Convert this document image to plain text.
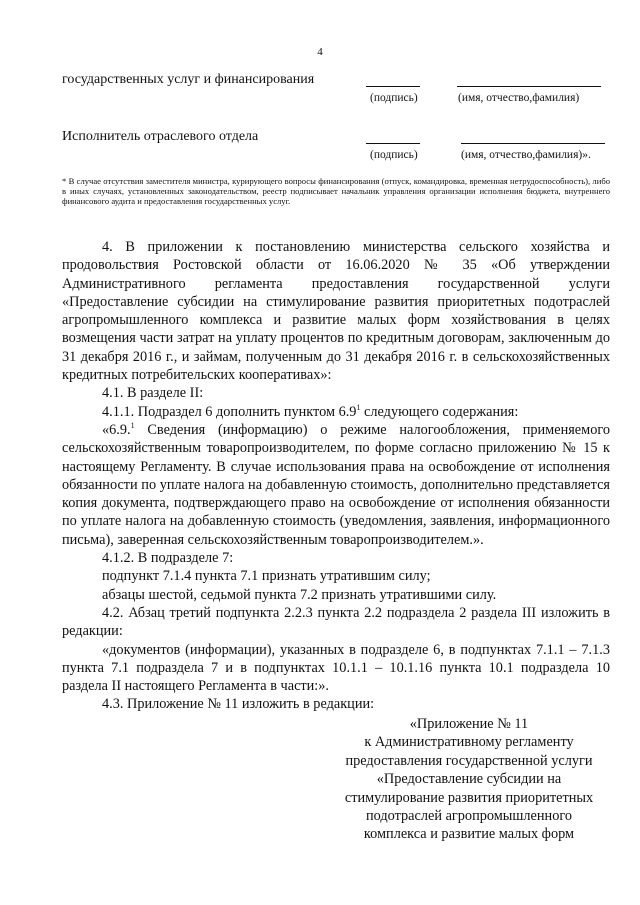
4
государственных услуг и финансирования
(подпись)	(имя, отчество,фамилия)
Исполнитель отраслевого отдела
(подпись)	(имя, отчество,фамилия)».
* В случае отсутствия заместителя министра, курирующего вопросы финансирования (отпуск, командировка, временная нетрудоспособность), либо в иных случаях, установленных законодательством, реестр подписывает начальник управления организации исполнения бюджета, внутреннего финансового аудита и предоставления государственных услуг.

4. В приложении к постановлению министерства сельского хозяйства и продовольствия Ростовской области от 16.06.2020 № 35 «Об утверждении Административного регламента предоставления государственной услуги «Предоставление субсидии на стимулирование развития приоритетных подотраслей агропромышленного комплекса и развитие малых форм хозяйствования в целях возмещения части затрат на уплату процентов по кредитным договорам, заключенным до 31 декабря 2016 г., и займам, полученным до 31 декабря 2016 г. в сельскохозяйственных кредитных потребительских кооперативах»:

4.1. В разделе II:

4.1.1. Подраздел 6 дополнить пунктом $6.9^1$ следующего содержания:

«6.9.$^1$ Сведения (информацию) о режиме налогообложения, применяемого сельскохозяйственным товаропроизводителем, по форме согласно приложению № 15 к настоящему Регламенту. В случае использования права на освобождение от исполнения обязанности по уплате налога на добавленную стоимость, дополнительно представляется копия документа, подтверждающего право на освобождение от исполнения обязанности по уплате налога на добавленную стоимость (уведомления, заявления, информационного письма), заверенная сельскохозяйственным товаропроизводителем.».

4.1.2. В подразделе 7:

подпункт 7.1.4 пункта 7.1 признать утратившим силу;

абзацы шестой, седьмой пункта 7.2 признать утратившими силу.

4.2. Абзац третий подпункта 2.2.3 пункта 2.2 подраздела 2 раздела III изложить в редакции:

«документов (информации), указанных в подразделе 6, в подпунктах 7.1.1 – 7.1.3 пункта 7.1 подраздела 7 и в подпунктах 10.1.1 – 10.1.16 пункта 10.1 подраздела 10 раздела II настоящего Регламента в части:».

4.3. Приложение № 11 изложить в редакции:

«Приложение № 11
к Административному регламенту
предоставления государственной услуги
«Предоставление субсидии на
стимулирование развития приоритетных
подотраслей агропромышленного
комплекса и развитие малых форм
